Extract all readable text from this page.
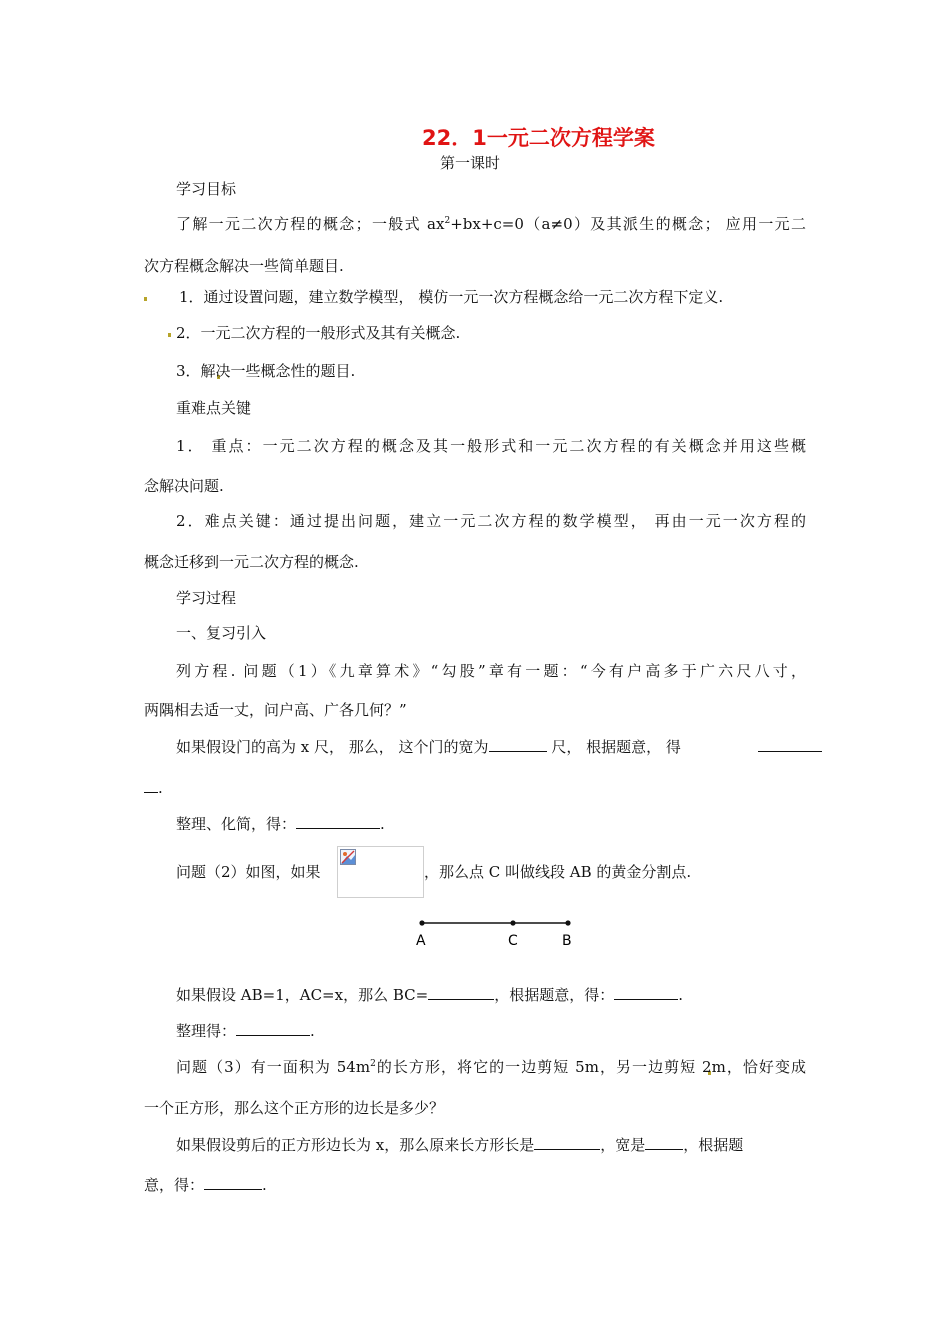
22．1一元二次方程学案
第一课时
学习目标
了解一元二次方程的概念；一般式 $ax^2+bx+c=0(a\ne 0)$及其派生的概念； 应用一元二
次方程概念解决一些简单题目.
1．通过设置问题，建立数学模型， 模仿一元一次方程概念给一元二次方程下定义.
2．一元二次方程的一般形式及其有关概念.
3．解决一些概念性的题目.
重难点关键
1． 重点：一元二次方程的概念及其一般形式和一元二次方程的有关概念并用这些概
念解决问题.
2．难点关键：通过提出问题，建立一元二次方程的数学模型， 再由一元一次方程的
概念迁移到一元二次方程的概念.
学习过程
一、复习引入
列方程. 问题（1）《九章算术》“勾股”章有一题：“今有户高多于广六尺八寸，
两隅相去适一丈，问户高、广各几何？”
如果假设门的高为 x 尺， 那么， 这个门的宽为	尺， 根据题意， 得
.
整理、化简，得：	.
问题（2）如图，如果	，那么点 C 叫做线段 AB 的黄金分割点.
A	C	B
如果假设 AB=1，AC=x，那么 BC=	，根据题意，得：	.
整理得：	.
问题（3）有一面积为 $54m^2$的长方形，将它的一边剪短 5m，另一边剪短 2m，恰好变成
一个正方形，那么这个正方形的边长是多少？
如果假设剪后的正方形边长为 x，那么原来长方形长是	，宽是	，根据题
意，得：	.
